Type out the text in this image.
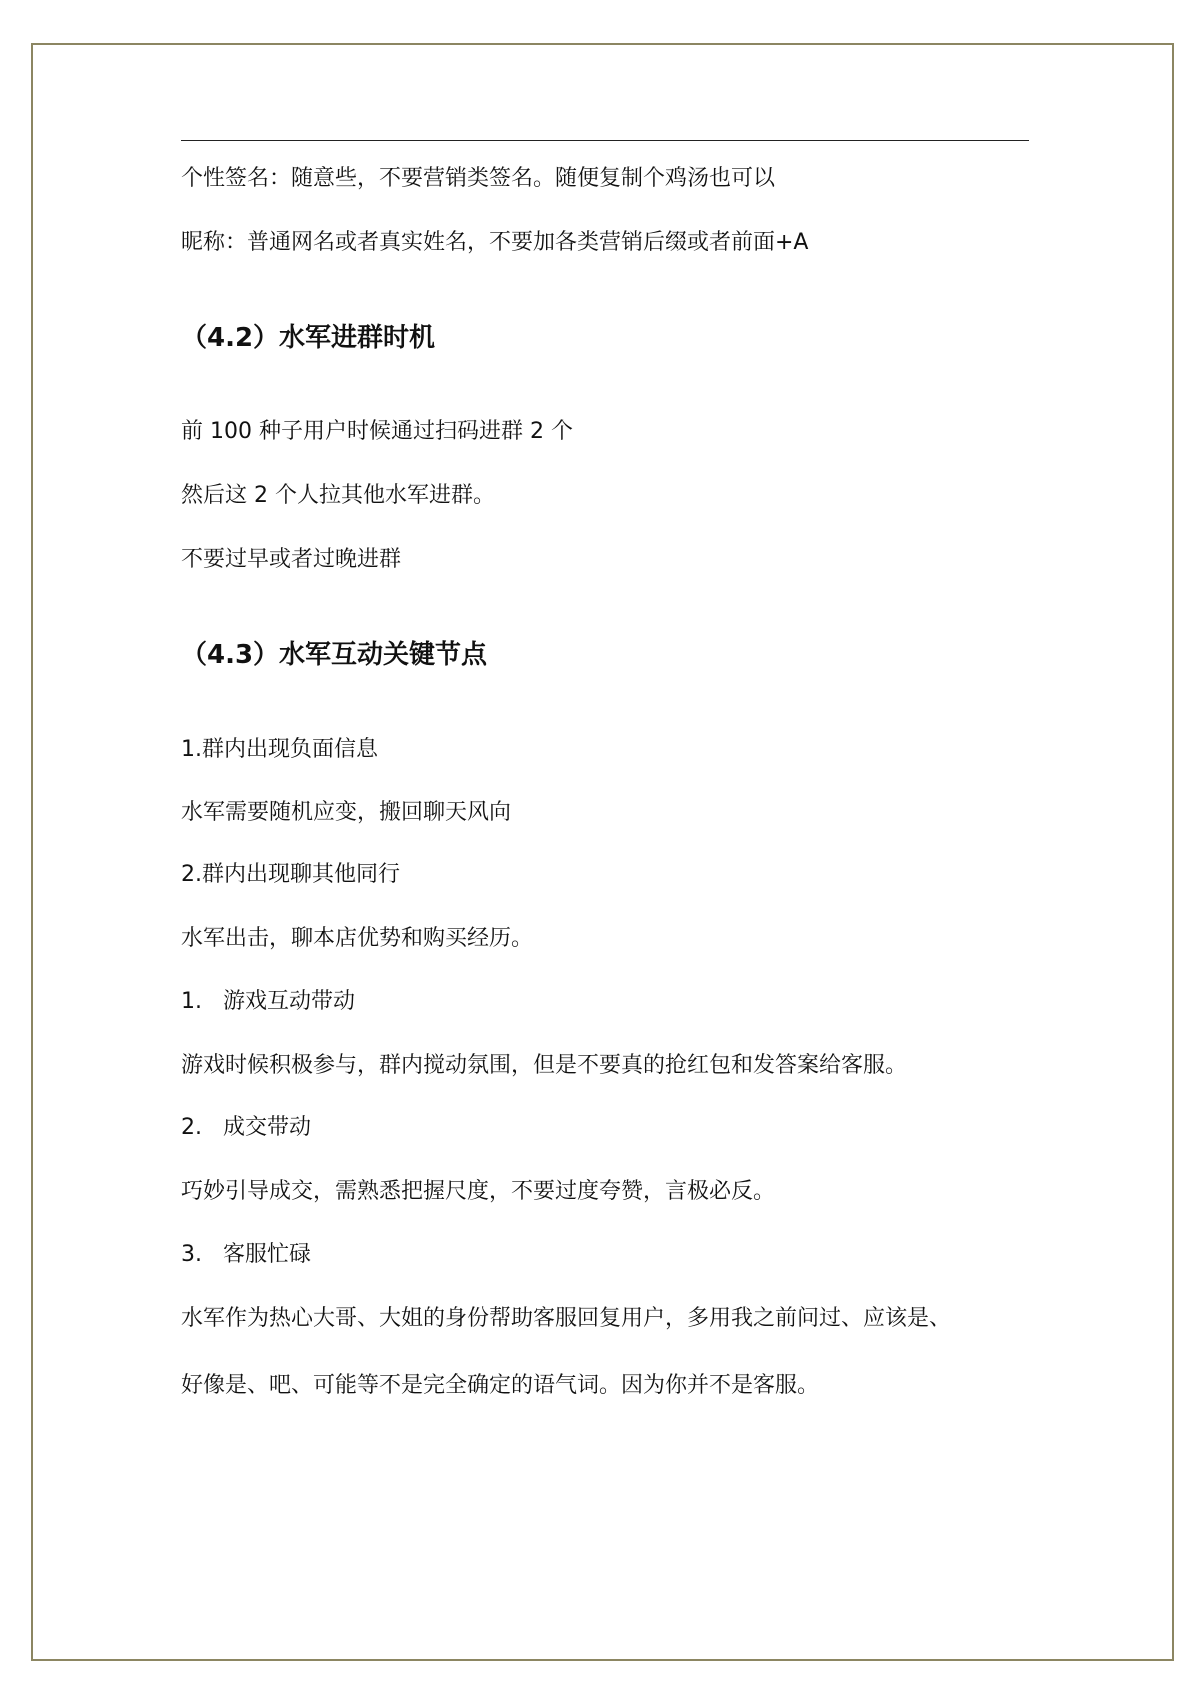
个性签名：随意些，不要营销类签名。随便复制个鸡汤也可以
昵称：普通网名或者真实姓名，不要加各类营销后缀或者前面+A
（4.2）水军进群时机
前 100 种子用户时候通过扫码进群 2 个
然后这 2 个人拉其他水军进群。
不要过早或者过晚进群
（4.3）水军互动关键节点
1.群内出现负面信息
水军需要随机应变，搬回聊天风向
2.群内出现聊其他同行
水军出击，聊本店优势和购买经历。
1. 游戏互动带动
游戏时候积极参与，群内搅动氛围，但是不要真的抢红包和发答案给客服。
2. 成交带动
巧妙引导成交，需熟悉把握尺度，不要过度夸赞，言极必反。
3. 客服忙碌
水军作为热心大哥、大姐的身份帮助客服回复用户，多用我之前问过、应该是、
好像是、吧、可能等不是完全确定的语气词。因为你并不是客服。
